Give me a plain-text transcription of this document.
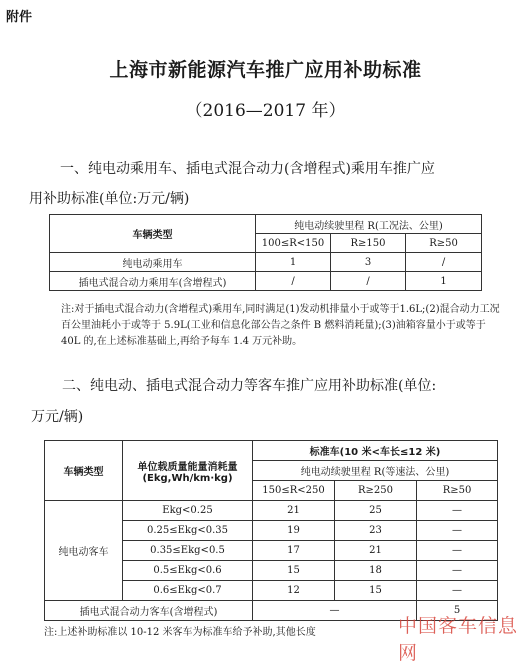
附件
上海市新能源汽车推广应用补助标准
（2016—2017 年）
一、纯电动乘用车、插电式混合动力(含增程式)乘用车推广应
用补助标准(单位:万元/辆)
车辆类型	纯电动续驶里程 R(工况法、公里)		
	100≤R<150	R≥150	R≥50
纯电动乘用车	1	3	/
插电式混合动力乘用车(含增程式)	/	/	1
注:对于插电式混合动力(含增程式)乘用车,同时满足(1)发动机排量小于或等于1.6L;(2)混合动力工况百公里油耗小于或等于 5.9L(工业和信息化部公告之条件 B 燃料消耗量);(3)油箱容量小于或等于 40L 的,在上述标准基础上,再给予每车 1.4 万元补助。
二、纯电动、插电式混合动力等客车推广应用补助标准(单位:
万元/辆)
车辆类型	单位载质量能量消耗量
(Ekg,Wh/km·kg)	标准车(10 米<车长≤12 米)		
		纯电动续驶里程 R(等速法、公里)		
		150≤R<250	R≥250	R≥50
纯电动客车	Ekg<0.25	21	25	—
	0.25≤Ekg<0.35	19	23	—
	0.35≤Ekg<0.5	17	21	—
	0.5≤Ekg<0.6	15	18	—
	0.6≤Ekg<0.7	12	15	—
插电式混合动力客车(含增程式)		—		5
注:上述补助标准以 10-12 米客车为标准车给予补助,其他长度	中国客车信息网
